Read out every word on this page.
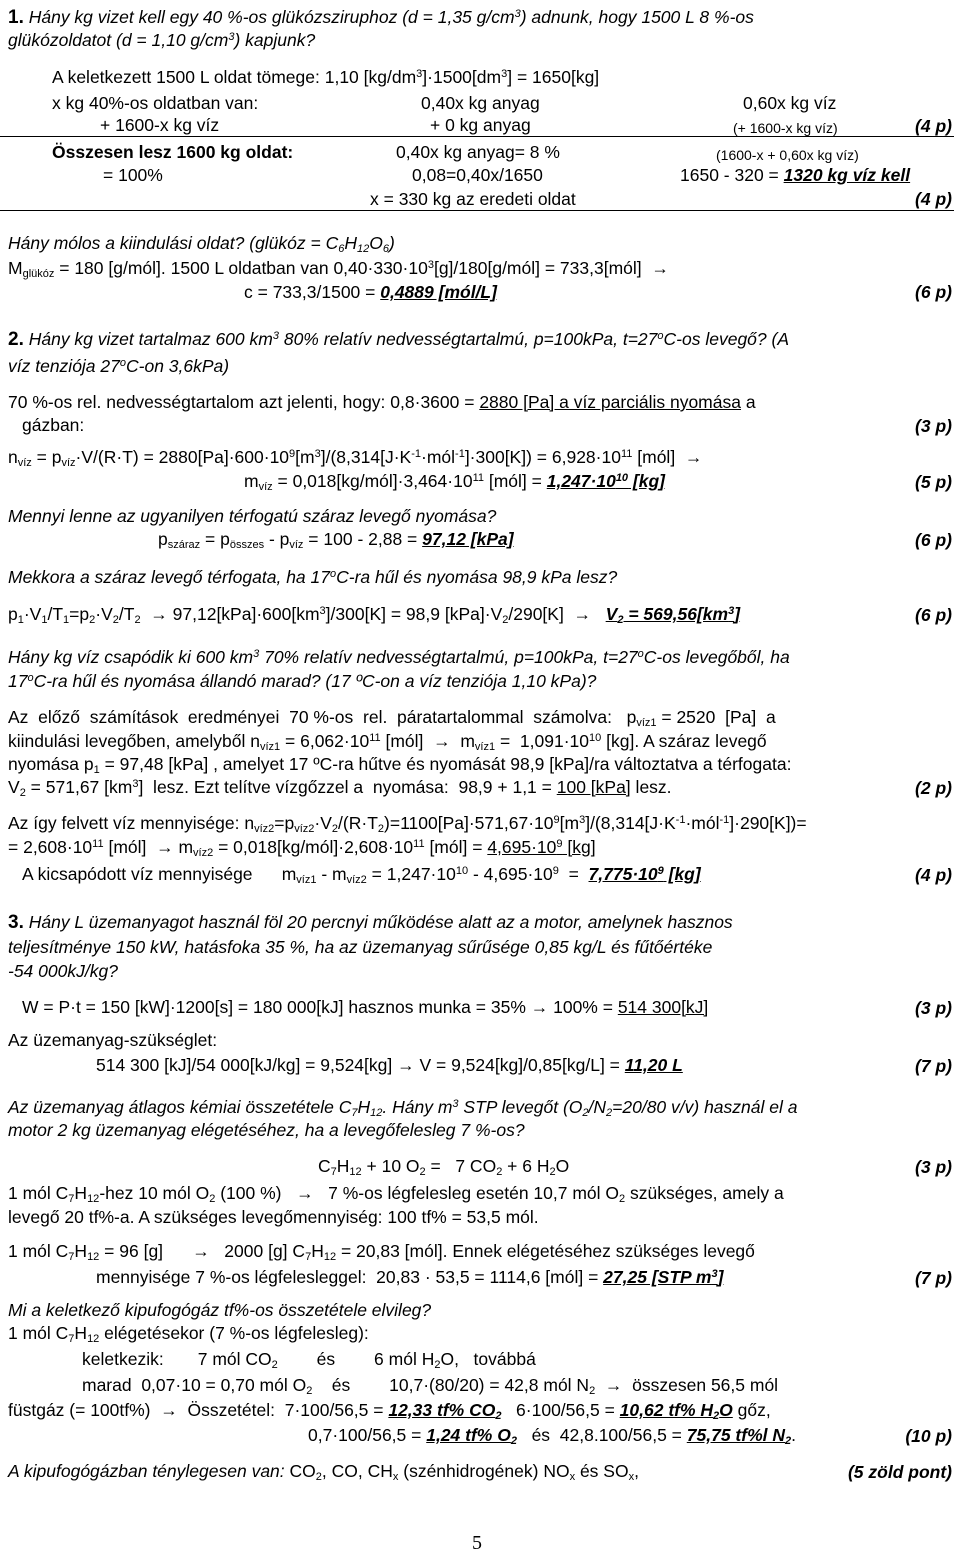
1. Hány kg vizet kell egy 40 %-os glükózsziruphoz (d = 1,35 $g/cm^3$) adnunk, hogy 1500 L 8 %-os
glükózoldatot (d = 1,10 $g/cm^3$) kapjunk?
A keletkezett 1500 L oldat tömege: 1,10 $[kg/dm^3]\cdot 1500[dm^3] = 1650[kg]$
x kg 40%-os oldatban van:	0,40x kg anyag	0,60x kg víz
+ 1600-x kg víz	+ 0 kg anyag	(+ 1600-x kg víz)	(4 p)
Összesen lesz 1600 kg oldat:	0,40x kg anyag= 8 %	(1600-x + 0,60x kg víz)
= 100%	0,08=0,40x/1650	1650 - 320 = 1320 kg víz kell
x = 330 kg az eredeti oldat	(4 p)
Hány mólos a kiindulási oldat? (glükóz = $C_6H_{12}O_6$)
$M_{glükóz} = 180$ [g/mól]. 1500 L oldatban van $0,40\cdot 330\cdot 10^3[g]/180[g/mól]$ = 733,3[mól]  →
c = 733,3/1500 = 0,4889 [mól/L]	(6 p)
2. Hány kg vizet tartalmaz 600 $km^3$ 80% relatív nedvességtartalmú, p=100kPa, $t=27^oC-os$ levegő? (A
víz tenziója 27$^o$C-on 3,6kPa)
70 %-os rel. nedvességtartalom azt jelenti, hogy: 0,8·3600 = 2880 [Pa] a víz parciális nyomása a
gázban:	(3 p)
$n_{víz} = p_{víz}\cdot V/(R\cdot T)$ = $2880[Pa]\cdot 600\cdot 10^9[m^3]/(8,314[J\cdot K^{-1}\cdot mól^{-1}]\cdot 300[K]) = 6,928\cdot 10^{11}$ [mól]  →
$m_{víz}$ = $0,018[kg/mól]\cdot 3,464\cdot 10^{11}$ [mól] = $1,247\cdot 10^{10}$ [kg]	(5 p)
Mennyi lenne az ugyanilyen térfogatú száraz levegő nyomása?
$p_{száraz} = p_{összes} - p_{víz} = 100 - 2,88 = 97,12$ [kPa]	(6 p)
Mekkora a száraz levegő térfogata, ha 17$^o$C-ra hűl és nyomása 98,9 kPa lesz?
$p_1\cdot V_1/T_1=p_2\cdot V_2/T_2 \to 97,12[kPa]\cdot 600[km^3]/300[K] = 98,9$ $[kPa]\cdot V_2/290[K] \to V_2 = 569,56[km^3]$	(6 p)
Hány kg víz csapódik ki 600 $km^3$ 70% relatív nedvességtartalmú, p=100kPa, $t=27^oC-os$ levegőből, ha
17$^o$C-ra hűl és nyomása állandó marad? (17 ºC-on a víz tenziója 1,10 kPa)?
Az  előző  számítások  eredményei  70 %-os  rel.  páratartalommal  számolva:   $p_{víz1} = 2520$  [Pa]  a
kiindulási levegőben, amelyből $n_{víz1} = 6,062\cdot 10^{11}$ [mól]  →  $m_{víz1} = 1,091\cdot 10^{10}$ [kg]. A száraz levegő
nyomása $p_1 = 97,48$ [kPa] , amelyet 17 ºC-ra hűtve és nyomását 98,9 [kPa]/ra változtatva a térfogata:
$V_2 = 571,67$ $[km^3]$  lesz. Ezt telítve vízgőzzel a  nyomása:  98,9 + 1,1 = 100 [kPa] lesz.	(2 p)
Az így felvett víz mennyisége: $n_{víz2}=p_{víz2}\cdot V_2/(R\cdot T_2)=1100[Pa]\cdot 571,67\cdot 10^9[m^3]/(8,314[J\cdot K^{-1}\cdot mól^{-1}]\cdot 290[K])=$
= $2,608\cdot 10^{11}$ [mól]  → $m_{víz2}$ = $0,018[kg/mól]\cdot 2,608\cdot 10^{11}$ [mól] = $4,695\cdot 10^9$ [kg]
A kicsapódott víz mennyisége      $m_{víz1} - m_{víz2} = 1,247\cdot 10^{10} - 4,695\cdot 10^9 = 7,775\cdot 10^9$ [kg]	(4 p)
3. Hány L üzemanyagot használ föl 20 percnyi működése alatt az a motor, amelynek hasznos
teljesítménye 150 kW, hatásfoka 35 %, ha az üzemanyag sűrűsége 0,85 kg/L és fűtőértéke
-54 000kJ/kg?
W = P·t = 150 [kW]·1200[s] = 180 000[kJ] hasznos munka = 35% → 100% = 514 300[kJ]	(3 p)
Az üzemanyag-szükséglet:
514 300 [kJ]/54 000[kJ/kg] = 9,524[kg] → V = 9,524[kg]/0,85[kg/L] = 11,20 L	(7 p)
Az üzemanyag átlagos kémiai összetétele $C_7H_{12}$. Hány $m^3$ STP levegőt ($O_2/N_2=20/80$ v/v) használ el a
motor 2 kg üzemanyag elégetéséhez, ha a levegőfelesleg 7 %-os?
$C_7H_{12} + 10$ $O_2 = 7$ $CO_2 + 6$ $H_2O$	(3 p)
1 mól $C_7H_{12}$-hez 10 mól $O_2$ (100 %)   →   7 %-os légfelesleg esetén 10,7 mól $O_2$ szükséges, amely a
levegő 20 tf%-a. A szükséges levegőmennyiség: 100 tf% = 53,5 mól.
1 mól $C_7H_{12} = 96$ [g]      →   2000 [g] $C_7H_{12} = 20,83$ [mól]. Ennek elégetéséhez szükséges levegő
mennyisége 7 %-os légfelesleggel:  20,83 · 53,5 = 1114,6 [mól] = 27,25 [STP $m^3$]	(7 p)
Mi a keletkező kipufogógáz tf%-os összetétele elvileg?
1 mól $C_7H_{12}$ elégetésekor (7 %-os légfelesleg):
keletkezik:       7 mól $CO_2$        és        6 mól $H_2O$,   továbbá
marad  0,07·10 = 0,70 mól $O_2$    és        10,7·(80/20) = 42,8 mól $N_2$  →  összesen 56,5 mól
füstgáz (= 100tf%)  →  Összetétel:  7·100/56,5 = 12,33 tf% $CO_2$   6·100/56,5 = 10,62 tf% $H_2O$ gőz,
0,7·100/56,5 = 1,24 tf% $O_2$   és  42,8.100/56,5 = 75,75 tf%l $N_2$.	(10 p)
A kipufogógázban ténylegesen van: $CO_2$, CO, $CH_x$ (szénhidrogének) $NO_x$ és $SO_x$,	(5 zöld pont)
5
